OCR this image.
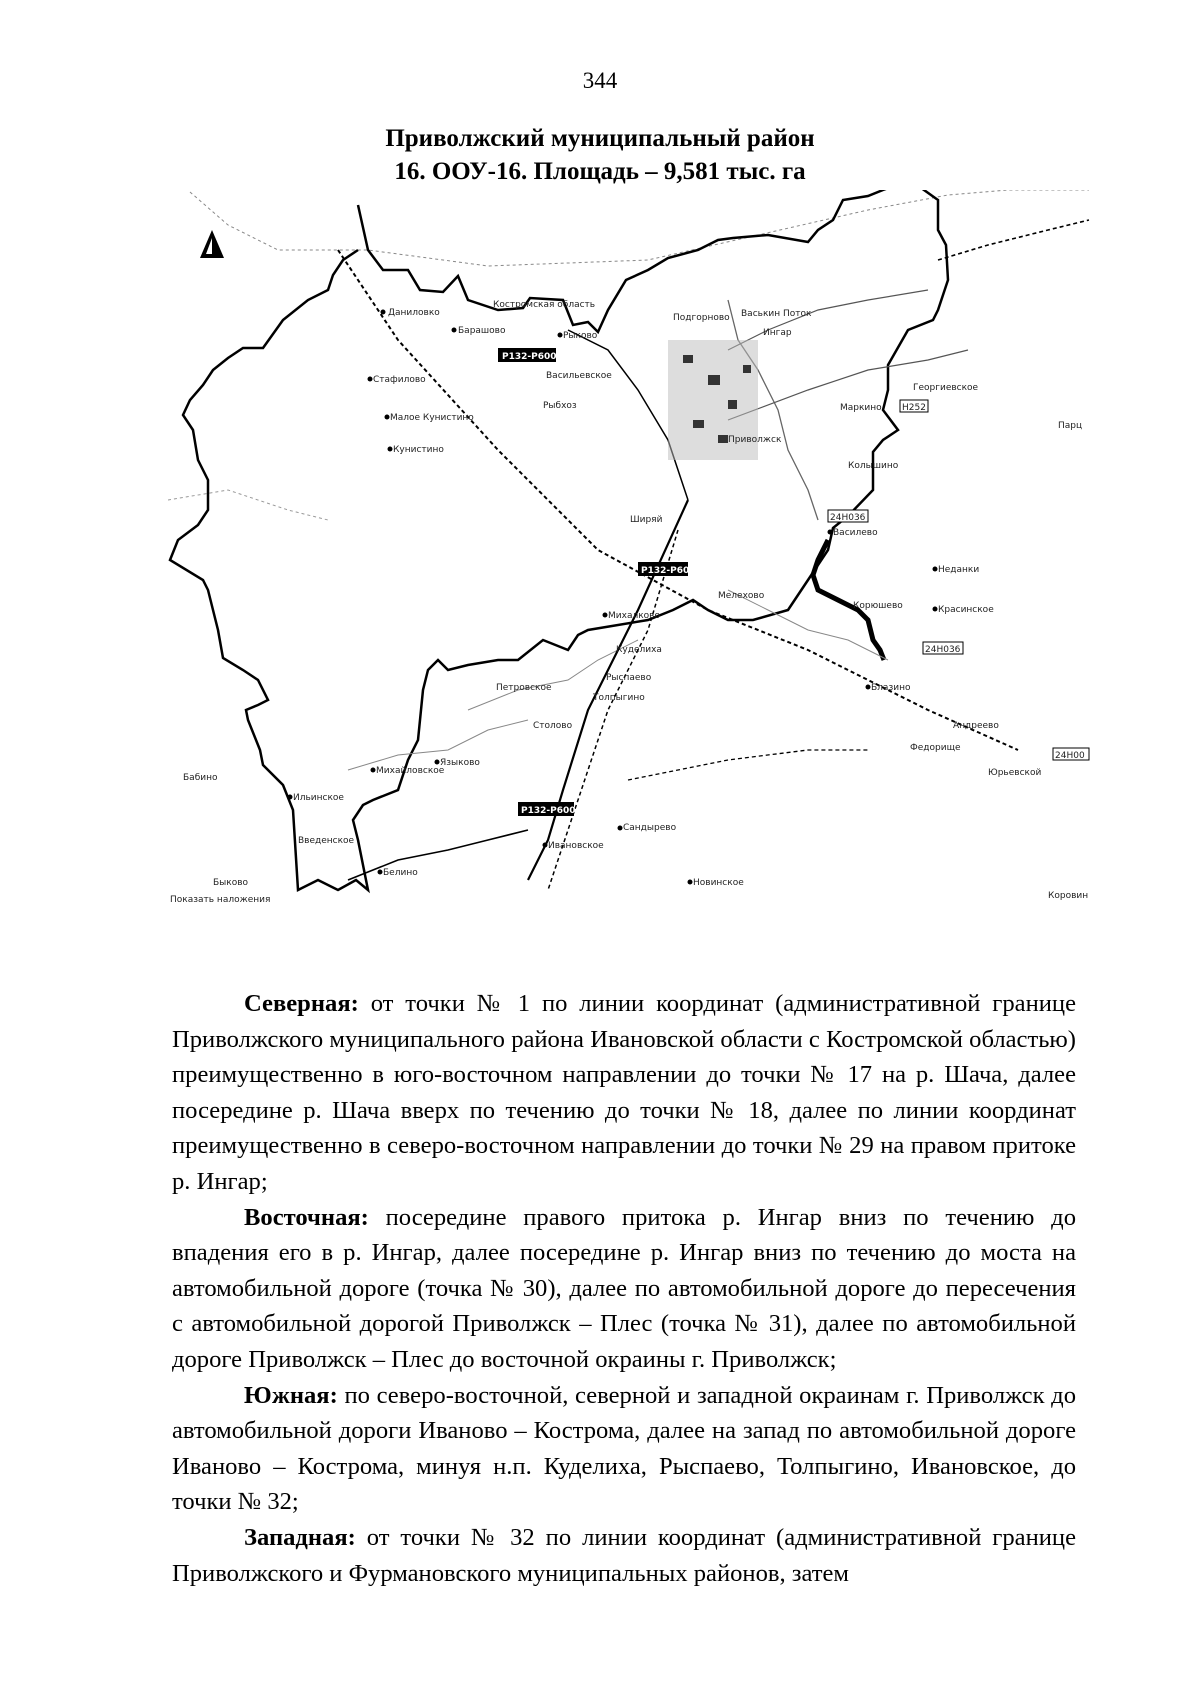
344
Приволжский муниципальный район
16. ООУ-16. Площадь – 9,581 тыс. га
Р132-Р600
Р132-Р600
Р132-Р600
24Н036
24Н036
24Н00
Н252
Даниловко
Барашово	Рыково
Васильевское
Стафилово
Малое Кунистино
Кунистино
Подгорново Васькин Поток
Ингар
Приволжск
Колышино
Георгиевское
Маркино
Василево
Неданки
Красинское
Корюшево
Блазино
Андреево
Федорище
Юрьевской
Михалково
Куделиха
Рыспаево
Толпыгино
Петровское
Столово
Мелехово
Сандырево
Ивановское
Языково
Михайловское
Ильинское
Введенское
Белино
Быково
Бабино
Новинское
Ширяй
Рыбхоз
Коровин
Парц
Костромская область
Показать наложения

Северная: от точки № 1 по линии координат (административной границе Приволжского муниципального района Ивановской области с Костромской областью) преимущественно в юго-восточном направлении до точки № 17 на р. Шача, далее посередине р. Шача вверх по течению до точки № 18, далее по линии координат преимущественно в северо-восточном направлении до точки № 29 на правом притоке р. Ингар;

Восточная: посередине правого притока р. Ингар вниз по течению до впадения его в р. Ингар, далее посередине р. Ингар вниз по течению до моста на автомобильной дороге (точка № 30), далее по автомобильной дороге до пересечения с автомобильной дорогой Приволжск – Плес (точка № 31), далее по автомобильной дороге Приволжск – Плес до восточной окраины г. Приволжск;

Южная: по северо-восточной, северной и западной окраинам г. Приволжск до автомобильной дороги Иваново – Кострома, далее на запад по автомобильной дороге Иваново – Кострома, минуя н.п. Куделиха, Рыспаево, Толпыгино, Ивановское, до точки № 32;

Западная: от точки № 32 по линии координат (административной границе Приволжского и Фурмановского муниципальных районов, затем
